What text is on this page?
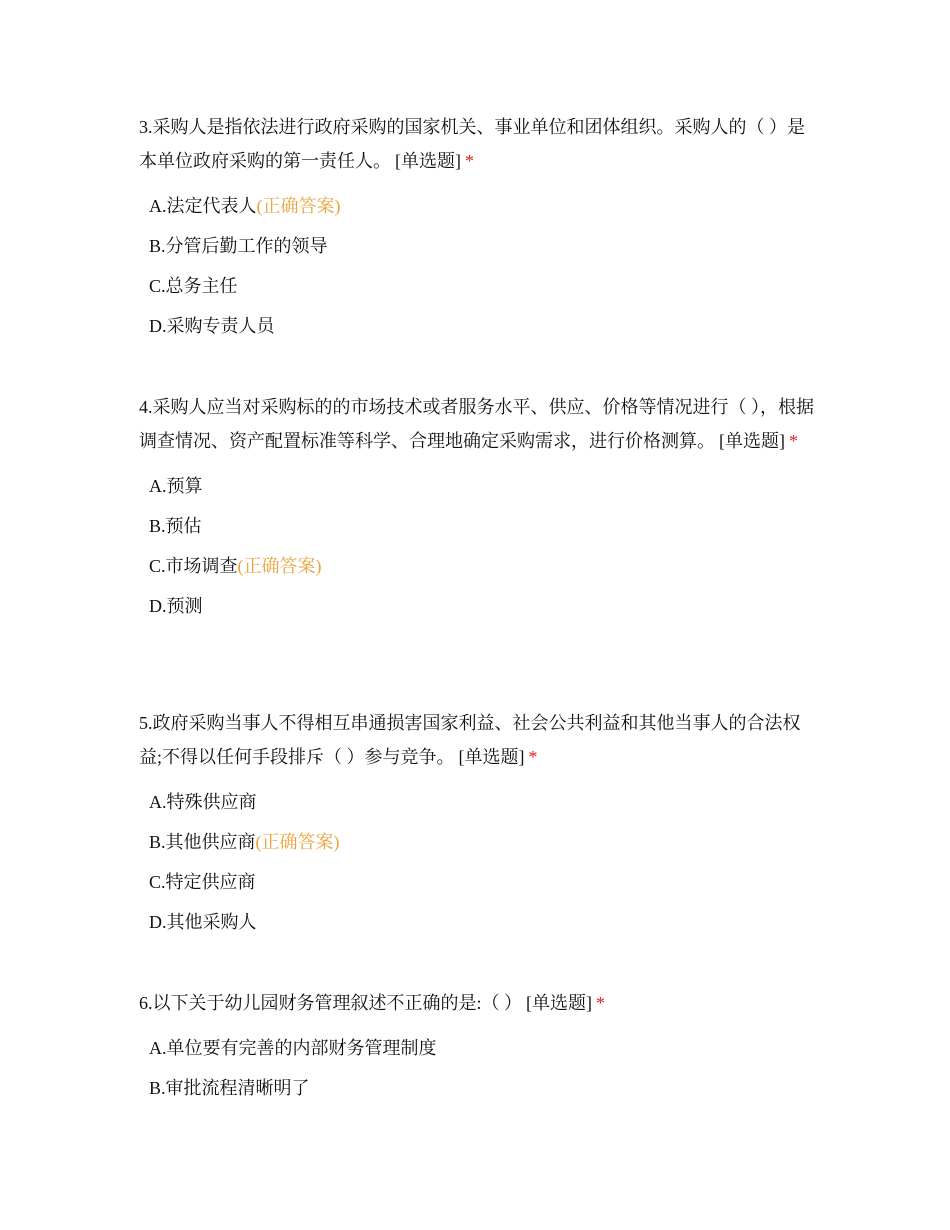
3.采购人是指依法进行政府采购的国家机关、事业单位和团体组织。采购人的（ ）是本单位政府采购的第一责任人。 [单选题] *

A.法定代表人(正确答案)
B.分管后勤工作的领导
C.总务主任
D.采购专责人员

4.采购人应当对采购标的的市场技术或者服务水平、供应、价格等情况进行（ ），根据调查情况、资产配置标准等科学、合理地确定采购需求，进行价格测算。 [单选题] *

A.预算
B.预估
C.市场调查(正确答案)
D.预测

5.政府采购当事人不得相互串通损害国家利益、社会公共利益和其他当事人的合法权益;不得以任何手段排斥（ ）参与竞争。 [单选题] *

A.特殊供应商
B.其他供应商(正确答案)
C.特定供应商
D.其他采购人

6.以下关于幼儿园财务管理叙述不正确的是:（ ） [单选题] *

A.单位要有完善的内部财务管理制度
B.审批流程清晰明了
